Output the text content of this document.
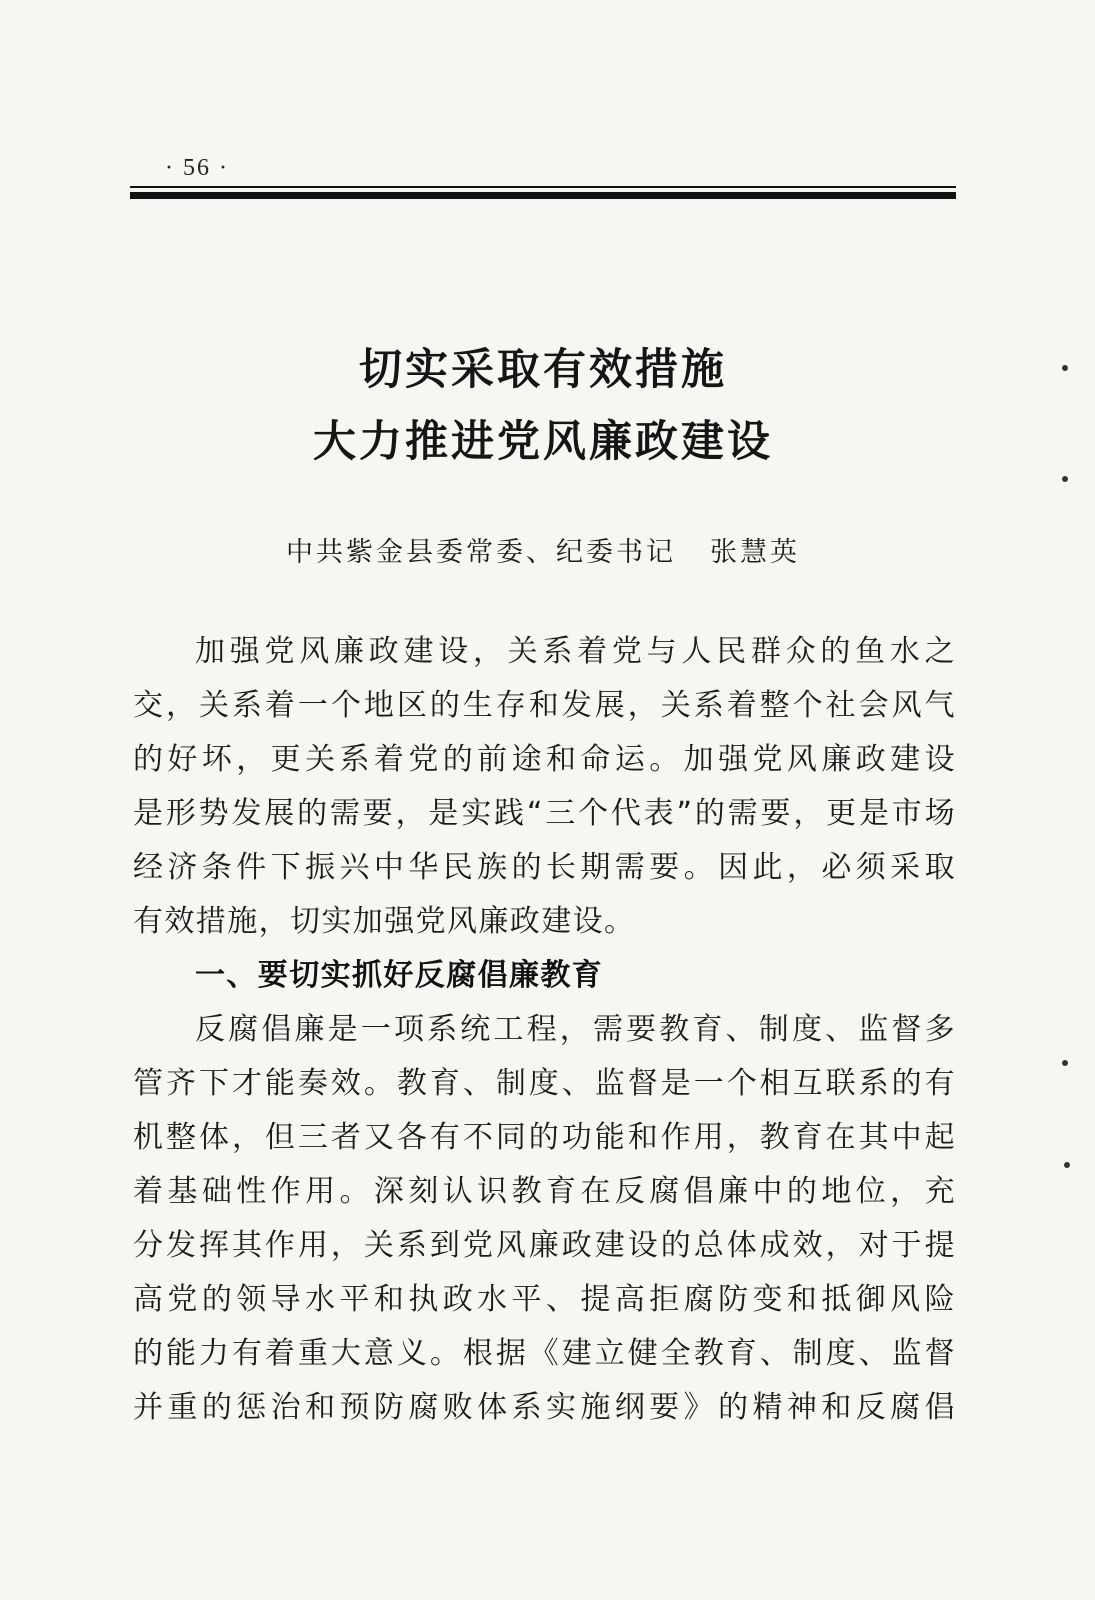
· 56 ·
切实采取有效措施
大力推进党风廉政建设
中共紫金县委常委、纪委书记 张慧英
加强党风廉政建设，关系着党与人民群众的鱼水之
交，关系着一个地区的生存和发展，关系着整个社会风气
的好坏，更关系着党的前途和命运。加强党风廉政建设
是形势发展的需要，是实践“三个代表”的需要，更是市场
经济条件下振兴中华民族的长期需要。因此，必须采取
有效措施，切实加强党风廉政建设。
一、要切实抓好反腐倡廉教育
反腐倡廉是一项系统工程，需要教育、制度、监督多
管齐下才能奏效。教育、制度、监督是一个相互联系的有
机整体，但三者又各有不同的功能和作用，教育在其中起
着基础性作用。深刻认识教育在反腐倡廉中的地位，充
分发挥其作用，关系到党风廉政建设的总体成效，对于提
高党的领导水平和执政水平、提高拒腐防变和抵御风险
的能力有着重大意义。根据《建立健全教育、制度、监督
并重的惩治和预防腐败体系实施纲要》的精神和反腐倡
